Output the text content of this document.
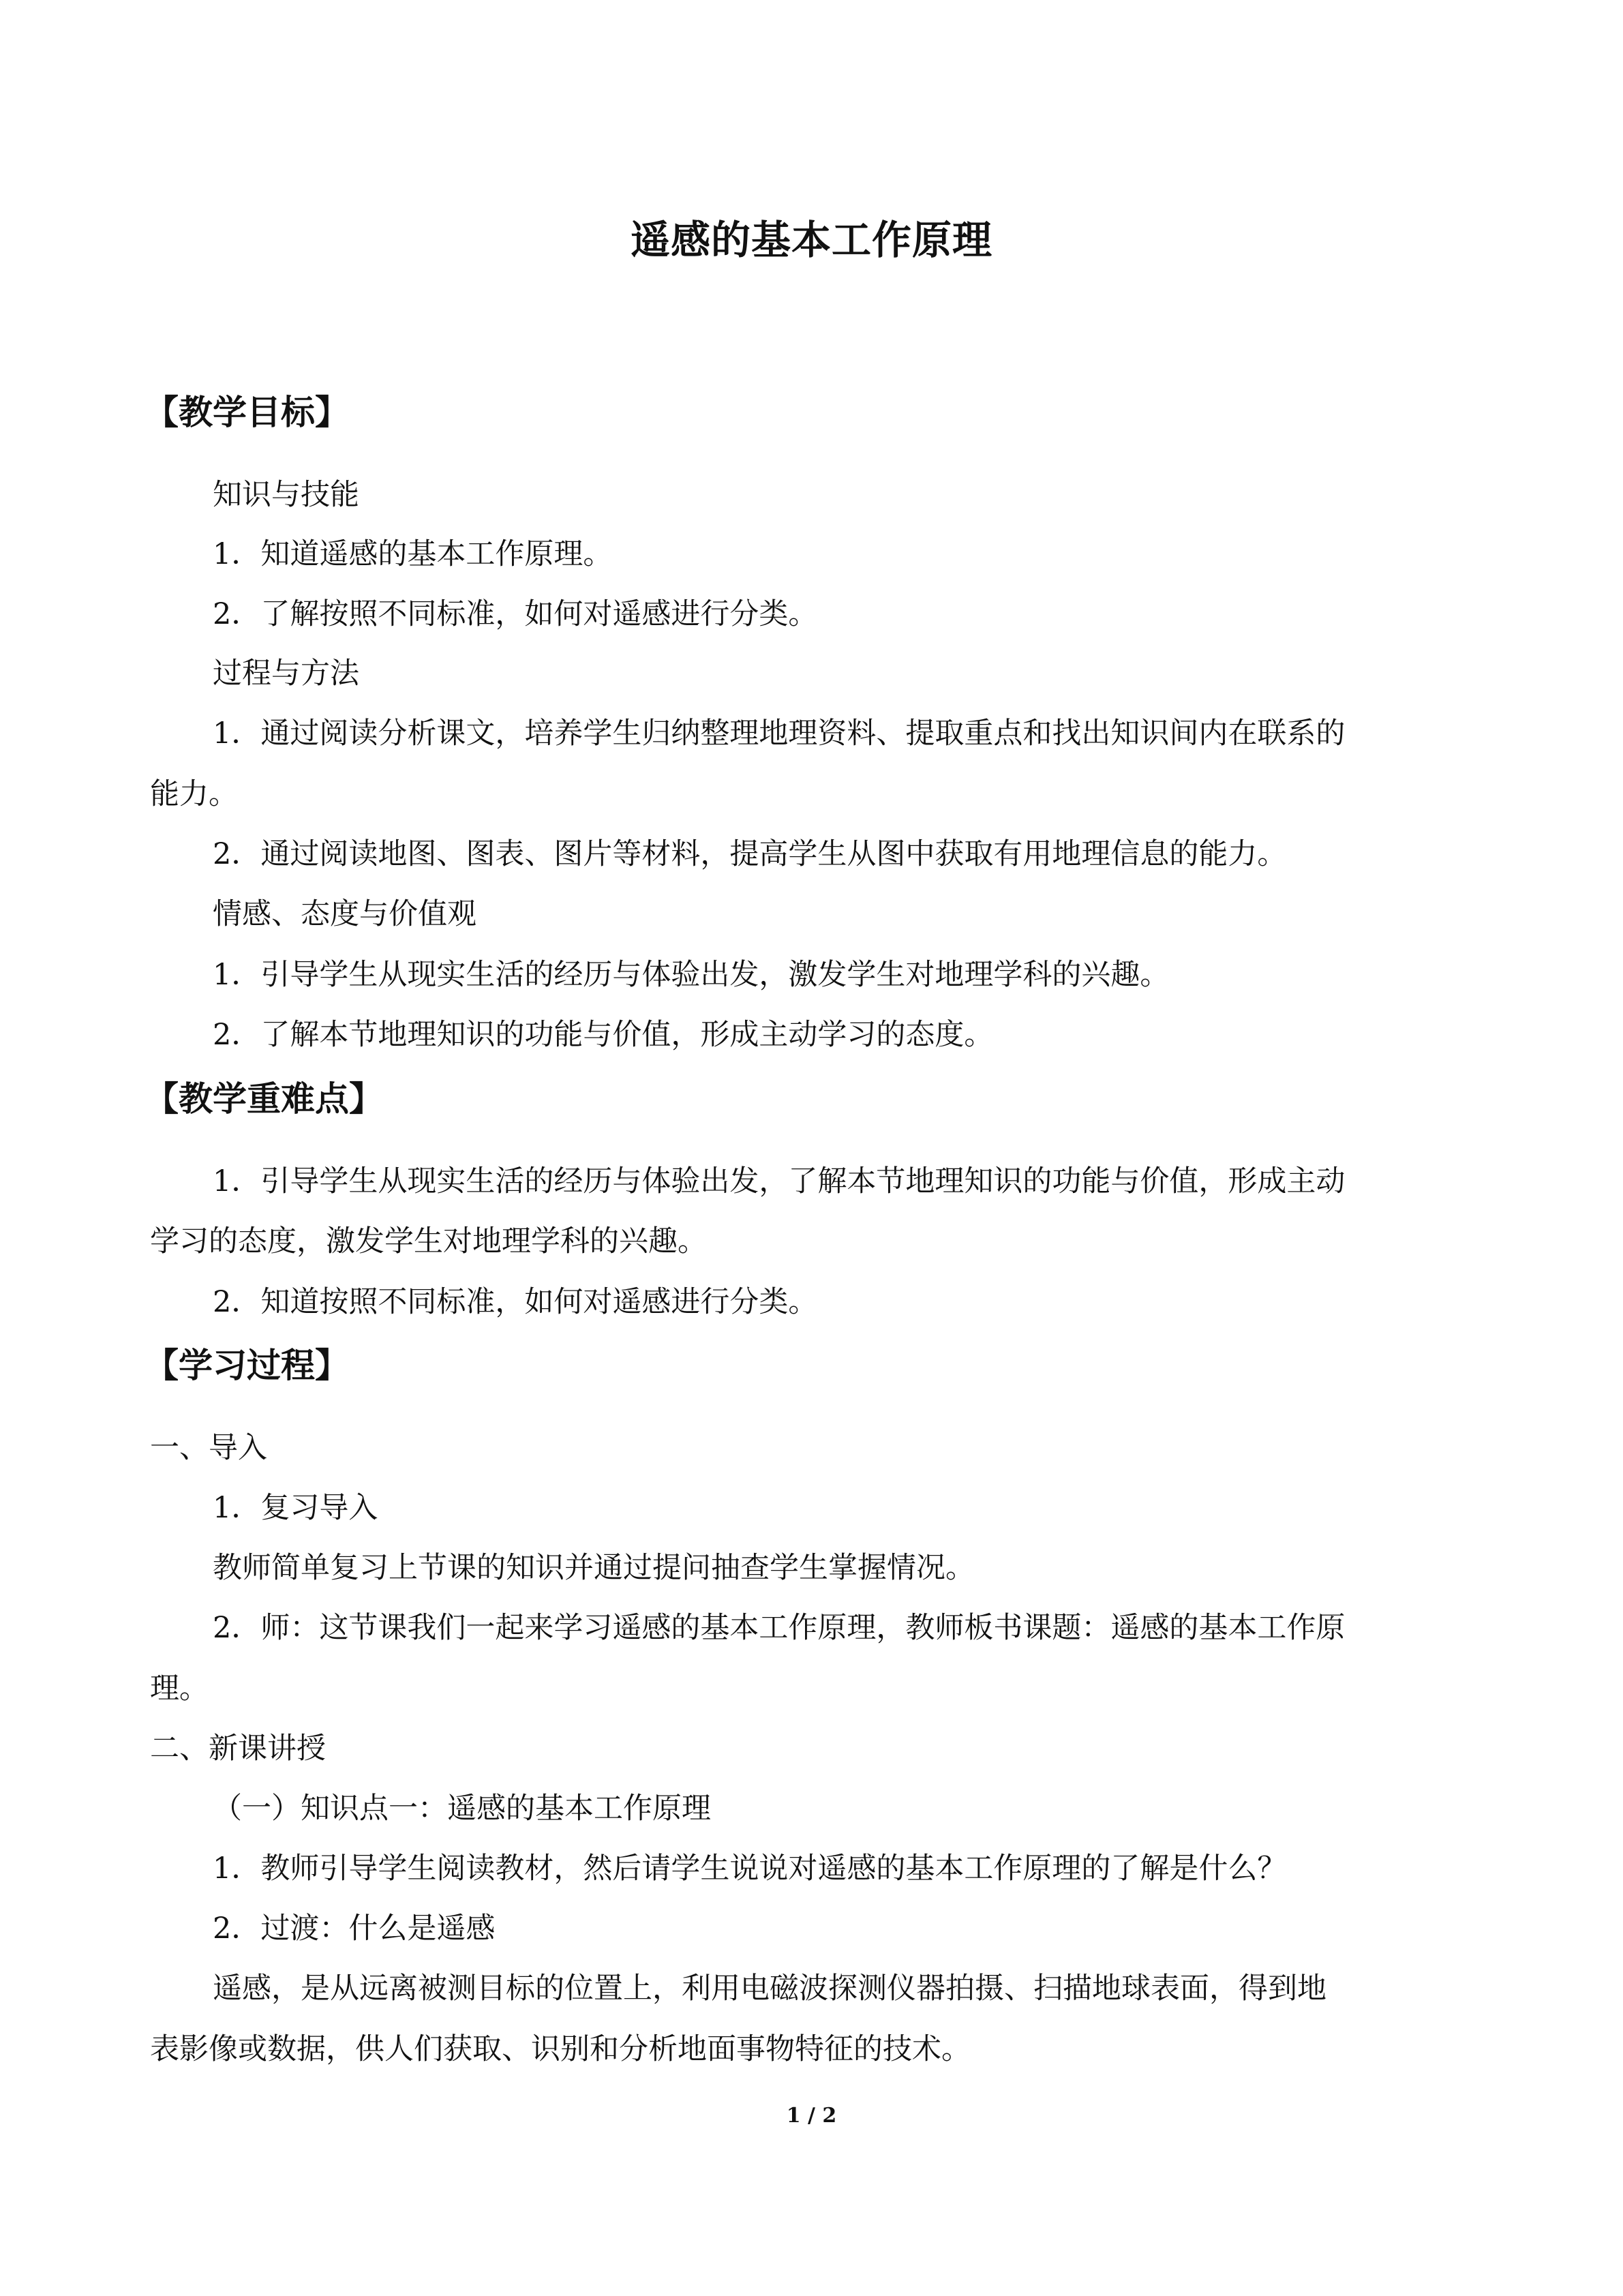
遥感的基本工作原理
【教学目标】
知识与技能
1．知道遥感的基本工作原理。
2．了解按照不同标准，如何对遥感进行分类。
过程与方法
1．通过阅读分析课文，培养学生归纳整理地理资料、提取重点和找出知识间内在联系的
能力。
2．通过阅读地图、图表、图片等材料，提高学生从图中获取有用地理信息的能力。
情感、态度与价值观
1．引导学生从现实生活的经历与体验出发，激发学生对地理学科的兴趣。
2．了解本节地理知识的功能与价值，形成主动学习的态度。
【教学重难点】
1．引导学生从现实生活的经历与体验出发，了解本节地理知识的功能与价值，形成主动
学习的态度，激发学生对地理学科的兴趣。
2．知道按照不同标准，如何对遥感进行分类。
【学习过程】
一、导入
1．复习导入
教师简单复习上节课的知识并通过提问抽查学生掌握情况。
2．师：这节课我们一起来学习遥感的基本工作原理，教师板书课题：遥感的基本工作原
理。
二、新课讲授
（一）知识点一：遥感的基本工作原理
1．教师引导学生阅读教材，然后请学生说说对遥感的基本工作原理的了解是什么？
2．过渡：什么是遥感
遥感，是从远离被测目标的位置上，利用电磁波探测仪器拍摄、扫描地球表面，得到地
表影像或数据，供人们获取、识别和分析地面事物特征的技术。
1 / 2
